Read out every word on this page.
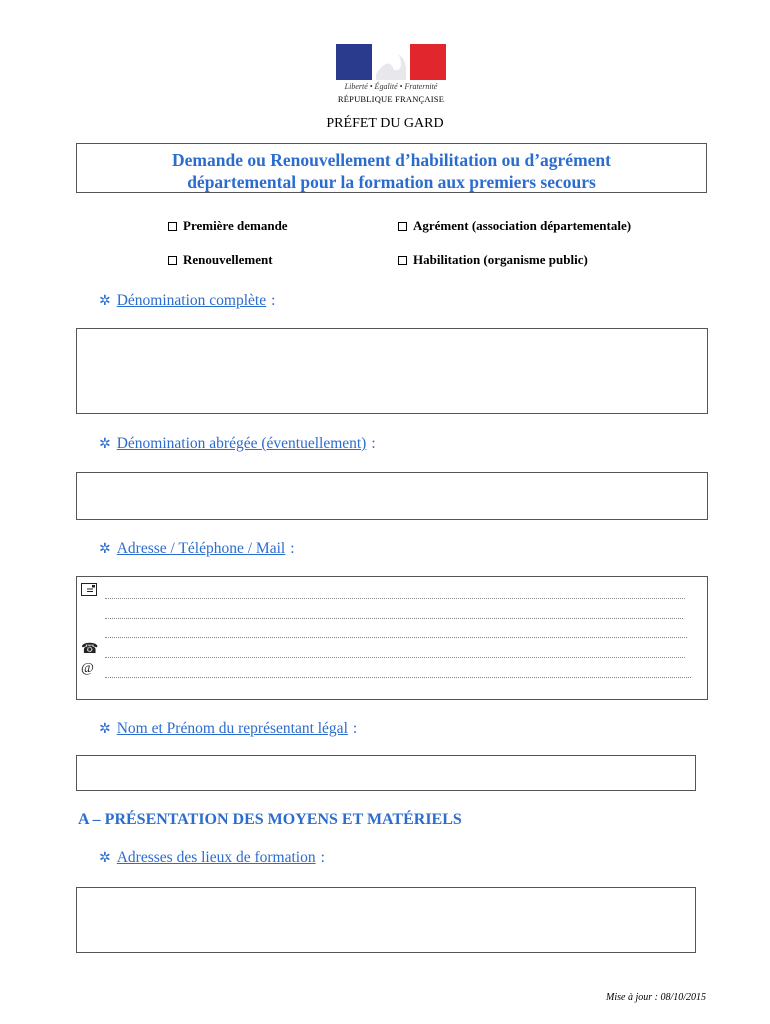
Liberté • Égalité • Fraternité
RÉPUBLIQUE FRANÇAISE
PRÉFET DU GARD
Demande ou Renouvellement d’habilitation ou d’agrément
départemental pour la formation aux premiers secours
Première demande	Agrément (association départementale)
Renouvellement	Habilitation (organisme public)
✲ Dénomination complète :
✲ Dénomination abrégée (éventuellement) :
✲ Adresse / Téléphone / Mail :
☎
@
✲ Nom et Prénom du représentant légal :
A – PRÉSENTATION DES MOYENS ET MATÉRIELS
✲ Adresses des lieux de formation :
Mise à jour : 08/10/2015
